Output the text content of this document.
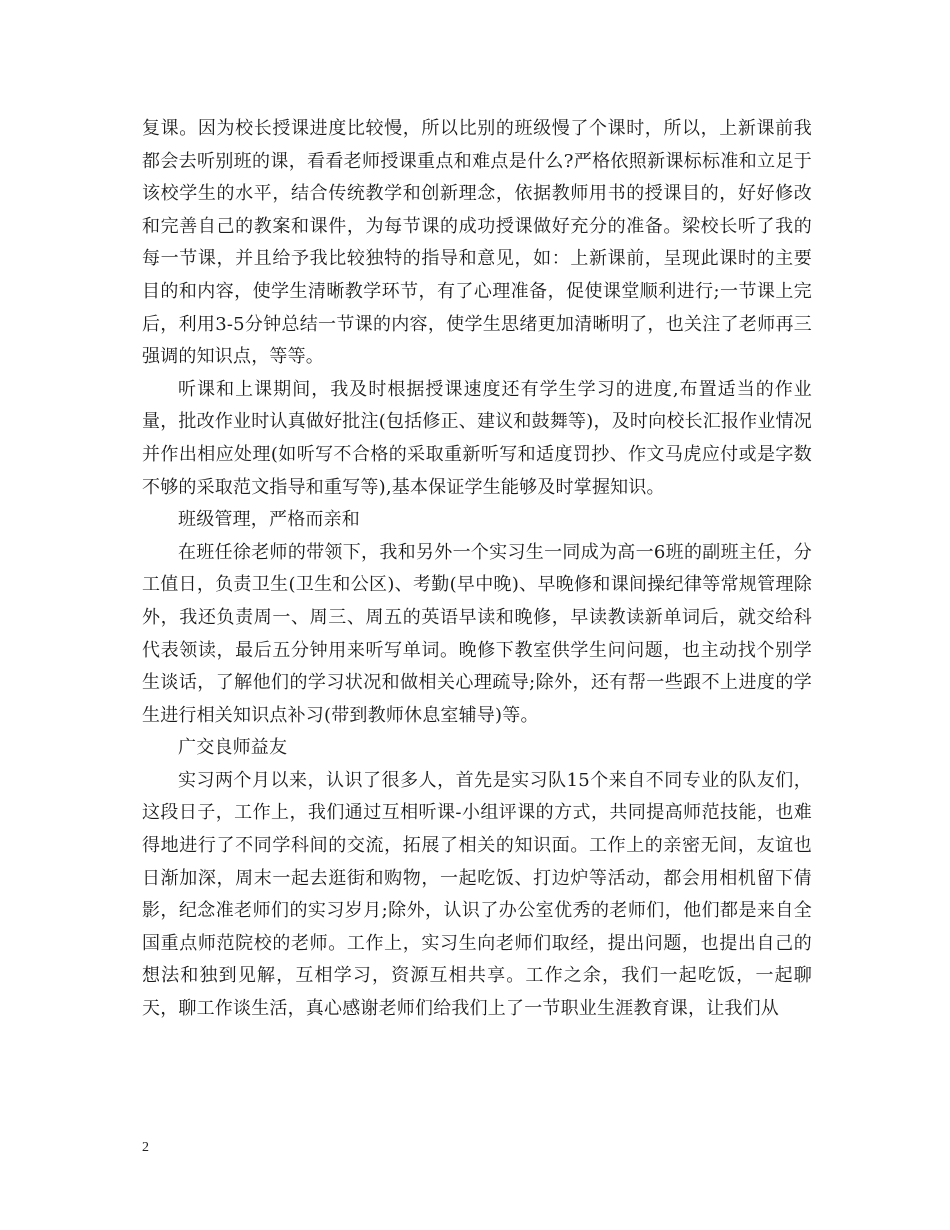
复课。因为校长授课进度比较慢，所以比别的班级慢了个课时，所以，上新课前我都会去听别班的课，看看老师授课重点和难点是什么?严格依照新课标标准和立足于该校学生的水平，结合传统教学和创新理念，依据教师用书的授课目的，好好修改和完善自己的教案和课件，为每节课的成功授课做好充分的准备。梁校长听了我的每一节课，并且给予我比较独特的指导和意见，如：上新课前，呈现此课时的主要目的和内容，使学生清晰教学环节，有了心理准备，促使课堂顺利进行;一节课上完后，利用3-5分钟总结一节课的内容，使学生思绪更加清晰明了，也关注了老师再三强调的知识点，等等。

听课和上课期间，我及时根据授课速度还有学生学习的进度,布置适当的作业量，批改作业时认真做好批注(包括修正、建议和鼓舞等)，及时向校长汇报作业情况并作出相应处理(如听写不合格的采取重新听写和适度罚抄、作文马虎应付或是字数不够的采取范文指导和重写等),基本保证学生能够及时掌握知识。

班级管理，严格而亲和

在班任徐老师的带领下，我和另外一个实习生一同成为高一6班的副班主任，分工值日，负责卫生(卫生和公区)、考勤(早中晚)、早晚修和课间操纪律等常规管理除外，我还负责周一、周三、周五的英语早读和晚修，早读教读新单词后，就交给科代表领读，最后五分钟用来听写单词。晚修下教室供学生问问题，也主动找个别学生谈话，了解他们的学习状况和做相关心理疏导;除外，还有帮一些跟不上进度的学生进行相关知识点补习(带到教师休息室辅导)等。

广交良师益友

实习两个月以来，认识了很多人，首先是实习队15个来自不同专业的队友们，这段日子，工作上，我们通过互相听课-小组评课的方式，共同提高师范技能，也难得地进行了不同学科间的交流，拓展了相关的知识面。工作上的亲密无间，友谊也日渐加深，周末一起去逛街和购物，一起吃饭、打边炉等活动，都会用相机留下倩影，纪念准老师们的实习岁月;除外，认识了办公室优秀的老师们，他们都是来自全国重点师范院校的老师。工作上，实习生向老师们取经，提出问题，也提出自己的想法和独到见解，互相学习，资源互相共享。工作之余，我们一起吃饭，一起聊天，聊工作谈生活，真心感谢老师们给我们上了一节职业生涯教育课，让我们从

2
